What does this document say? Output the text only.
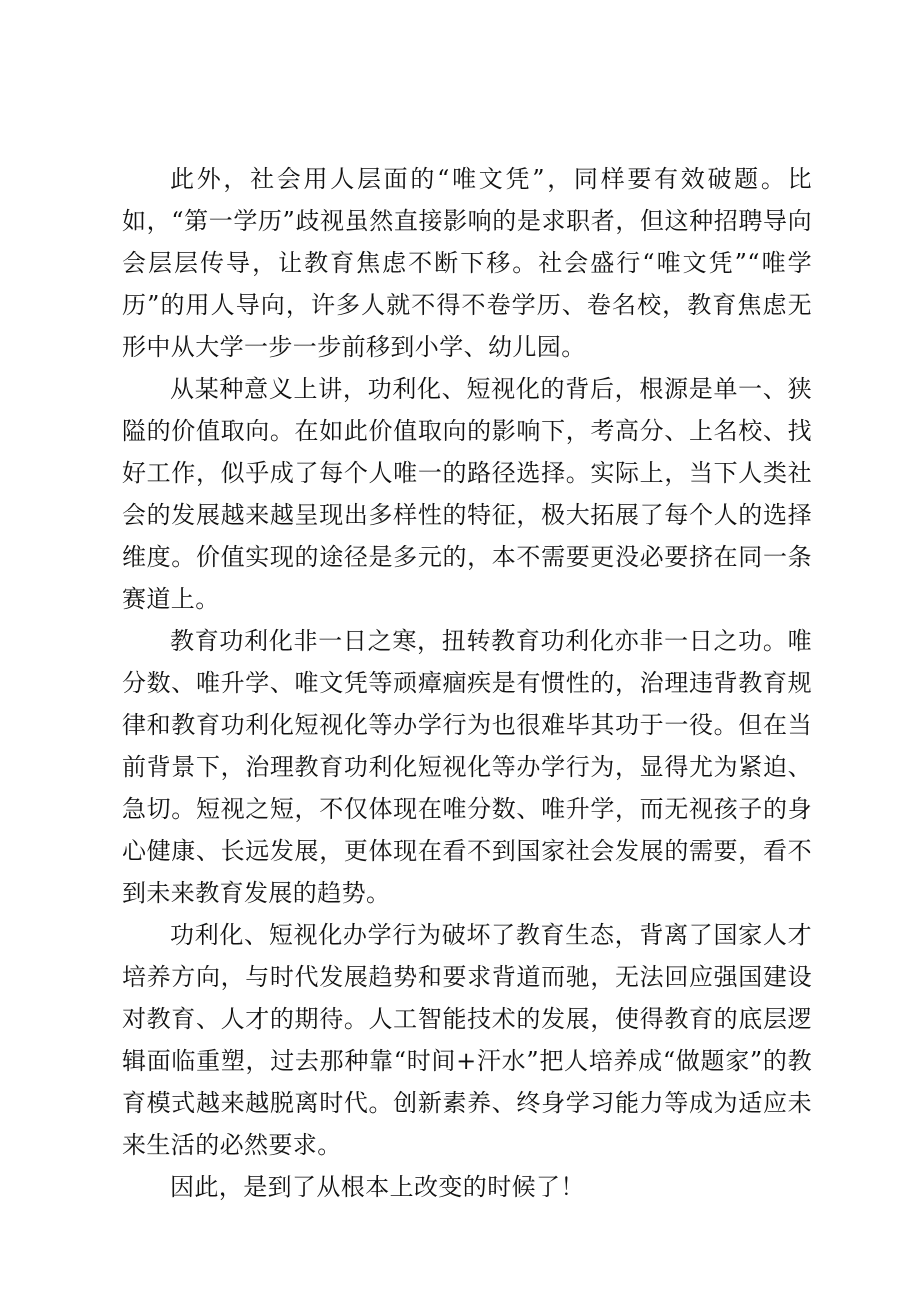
此外，社会用人层面的“唯文凭”，同样要有效破题。比如，“第一学历”歧视虽然直接影响的是求职者，但这种招聘导向会层层传导，让教育焦虑不断下移。社会盛行“唯文凭”“唯学历”的用人导向，许多人就不得不卷学历、卷名校，教育焦虑无形中从大学一步一步前移到小学、幼儿园。

从某种意义上讲，功利化、短视化的背后，根源是单一、狭隘的价值取向。在如此价值取向的影响下，考高分、上名校、找好工作，似乎成了每个人唯一的路径选择。实际上，当下人类社会的发展越来越呈现出多样性的特征，极大拓展了每个人的选择维度。价值实现的途径是多元的，本不需要更没必要挤在同一条赛道上。

教育功利化非一日之寒，扭转教育功利化亦非一日之功。唯分数、唯升学、唯文凭等顽瘴痼疾是有惯性的，治理违背教育规律和教育功利化短视化等办学行为也很难毕其功于一役。但在当前背景下，治理教育功利化短视化等办学行为，显得尤为紧迫、急切。短视之短，不仅体现在唯分数、唯升学，而无视孩子的身心健康、长远发展，更体现在看不到国家社会发展的需要，看不到未来教育发展的趋势。

功利化、短视化办学行为破坏了教育生态，背离了国家人才培养方向，与时代发展趋势和要求背道而驰，无法回应强国建设对教育、人才的期待。人工智能技术的发展，使得教育的底层逻辑面临重塑，过去那种靠“时间+汗水”把人培养成“做题家”的教育模式越来越脱离时代。创新素养、终身学习能力等成为适应未来生活的必然要求。

因此，是到了从根本上改变的时候了！
